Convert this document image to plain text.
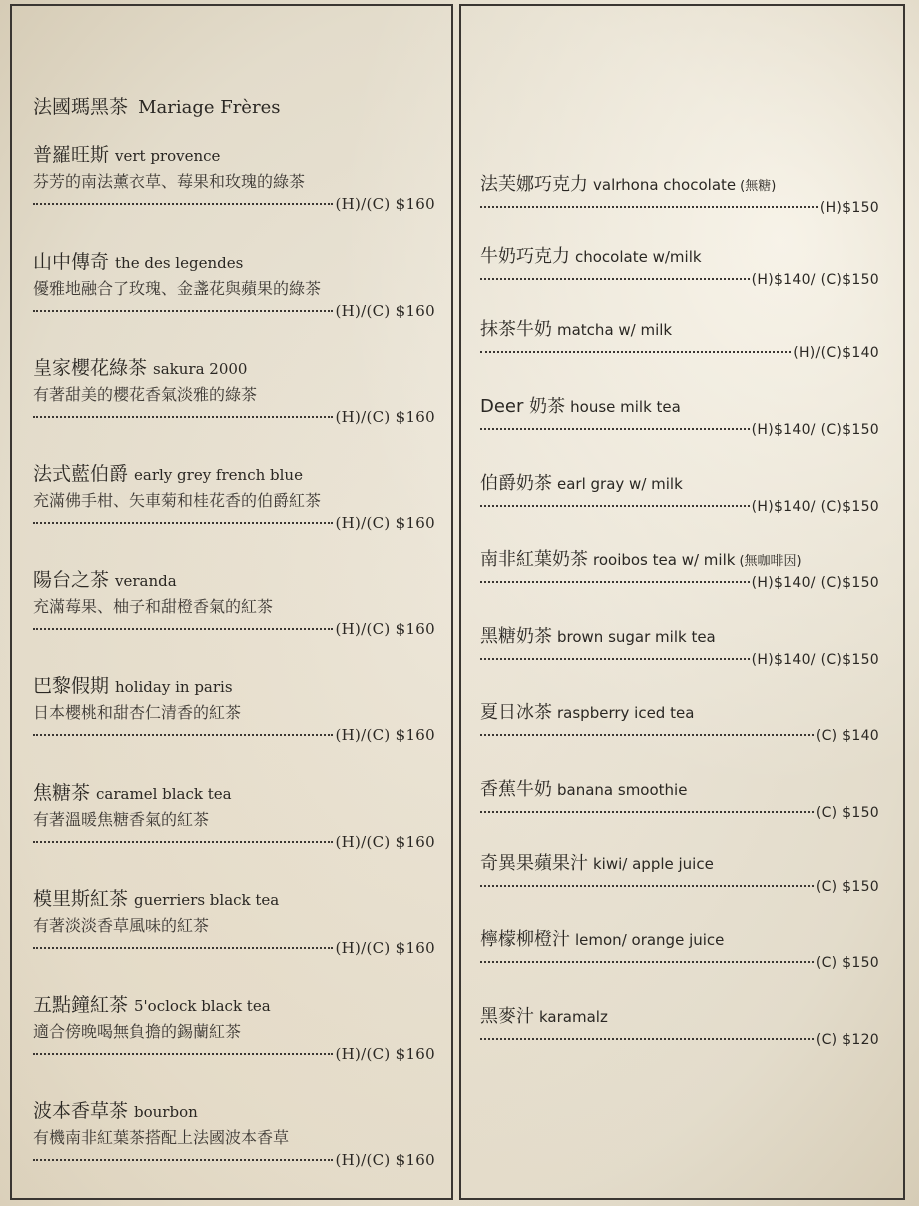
法國瑪黑茶 Mariage Frères
普羅旺斯 vert provence
芬芳的南法薰衣草、莓果和玫瑰的綠茶
(H)/(C) $160
山中傳奇 the des legendes
優雅地融合了玫瑰、金盞花與蘋果的綠茶
(H)/(C) $160
皇家櫻花綠茶 sakura 2000
有著甜美的櫻花香氣淡雅的綠茶
(H)/(C) $160
法式藍伯爵 early grey french blue
充滿佛手柑、矢車菊和桂花香的伯爵紅茶
(H)/(C) $160
陽台之茶 veranda
充滿莓果、柚子和甜橙香氣的紅茶
(H)/(C) $160
巴黎假期 holiday in paris
日本櫻桃和甜杏仁清香的紅茶
(H)/(C) $160
焦糖茶 caramel black tea
有著溫暖焦糖香氣的紅茶
(H)/(C) $160
模里斯紅茶 guerriers black tea
有著淡淡香草風味的紅茶
(H)/(C) $160
五點鐘紅茶 5'oclock black tea
適合傍晚喝無負擔的錫蘭紅茶
(H)/(C) $160
波本香草茶 bourbon
有機南非紅葉茶搭配上法國波本香草
(H)/(C) $160
法芙娜巧克力 valrhona chocolate (無糖)
(H)$150
牛奶巧克力 chocolate w/milk
(H)$140/ (C)$150
抹茶牛奶 matcha w/ milk
(H)/(C)$140
Deer 奶茶 house milk tea
(H)$140/ (C)$150
伯爵奶茶 earl gray w/ milk
(H)$140/ (C)$150
南非紅葉奶茶 rooibos tea w/ milk (無咖啡因)
(H)$140/ (C)$150
黑糖奶茶 brown sugar milk tea
(H)$140/ (C)$150
夏日冰茶 raspberry iced tea
(C) $140
香蕉牛奶 banana smoothie
(C) $150
奇異果蘋果汁 kiwi/ apple juice
(C) $150
檸檬柳橙汁 lemon/ orange juice
(C) $150
黑麥汁 karamalz
(C) $120
